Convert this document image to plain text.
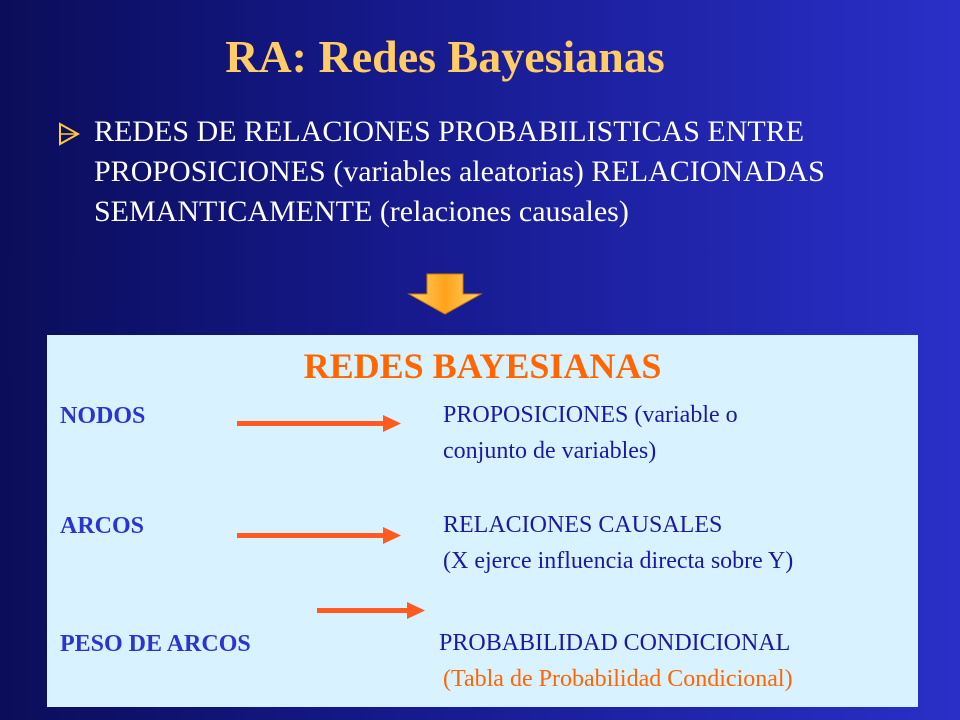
RA: Redes Bayesianas
REDES DE RELACIONES PROBABILISTICAS ENTRE PROPOSICIONES (variables aleatorias) RELACIONADAS SEMANTICAMENTE (relaciones causales)
REDES BAYESIANAS
NODOS	PROPOSICIONES (variable o
conjunto de variables)
ARCOS	RELACIONES CAUSALES
(X ejerce influencia directa sobre Y)
PESO DE ARCOS	PROBABILIDAD CONDICIONAL
(Tabla de Probabilidad Condicional)
